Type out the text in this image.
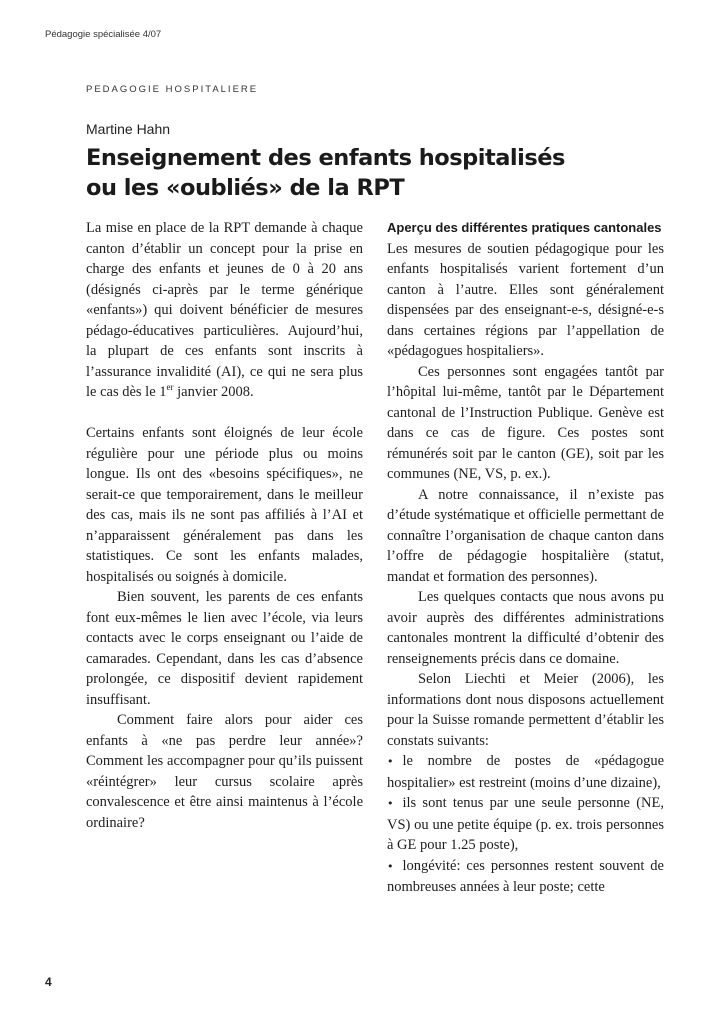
Pédagogie spécialisée 4/07
PEDAGOGIE HOSPITALIERE
Martine Hahn
Enseignement des enfants hospitalisés
ou les «oubliés» de la RPT

La mise en place de la RPT demande à chaque canton d’établir un concept pour la prise en charge des enfants et jeunes de 0 à 20 ans (désignés ci-après par le terme générique «enfants») qui doivent bénéficier de mesures pédago-éducatives particulières. Aujourd’hui, la plupart de ces enfants sont inscrits à l’assurance invalidité (AI), ce qui ne sera plus le cas dès le 1er janvier 2008.

Certains enfants sont éloignés de leur école régulière pour une période plus ou moins longue. Ils ont des «besoins spécifiques», ne serait-ce que temporairement, dans le meilleur des cas, mais ils ne sont pas affiliés à l’AI et n’apparaissent généralement pas dans les statistiques. Ce sont les enfants malades, hospitalisés ou soignés à domicile.

Bien souvent, les parents de ces enfants font eux-mêmes le lien avec l’école, via leurs contacts avec le corps enseignant ou l’aide de camarades. Cependant, dans les cas d’absence prolongée, ce dispositif devient rapidement insuffisant.

Comment faire alors pour aider ces enfants à «ne pas perdre leur année»? Comment les accompagner pour qu’ils puissent «réintégrer» leur cursus scolaire après convalescence et être ainsi maintenus à l’école ordinaire?

Aperçu des différentes pratiques cantonales

Les mesures de soutien pédagogique pour les enfants hospitalisés varient fortement d’un canton à l’autre. Elles sont généralement dispensées par des enseignant-e-s, désigné-e-s dans certaines régions par l’appellation de «pédagogues hospitaliers».

Ces personnes sont engagées tantôt par l’hôpital lui-même, tantôt par le Département cantonal de l’Instruction Publique. Genève est dans ce cas de figure. Ces postes sont rémunérés soit par le canton (GE), soit par les communes (NE, VS, p. ex.).

A notre connaissance, il n’existe pas d’étude systématique et officielle permettant de connaître l’organisation de chaque canton dans l’offre de pédagogie hospitalière (statut, mandat et formation des personnes).

Les quelques contacts que nous avons pu avoir auprès des différentes administrations cantonales montrent la difficulté d’obtenir des renseignements précis dans ce domaine.

Selon Liechti et Meier (2006), les informations dont nous disposons actuellement pour la Suisse romande permettent d’établir les constats suivants:

• le nombre de postes de «pédagogue hospitalier» est restreint (moins d’une dizaine),
• ils sont tenus par une seule personne (NE, VS) ou une petite équipe (p. ex. trois personnes à GE pour 1.25 poste),
• longévité: ces personnes restent souvent de nombreuses années à leur poste; cette
4
